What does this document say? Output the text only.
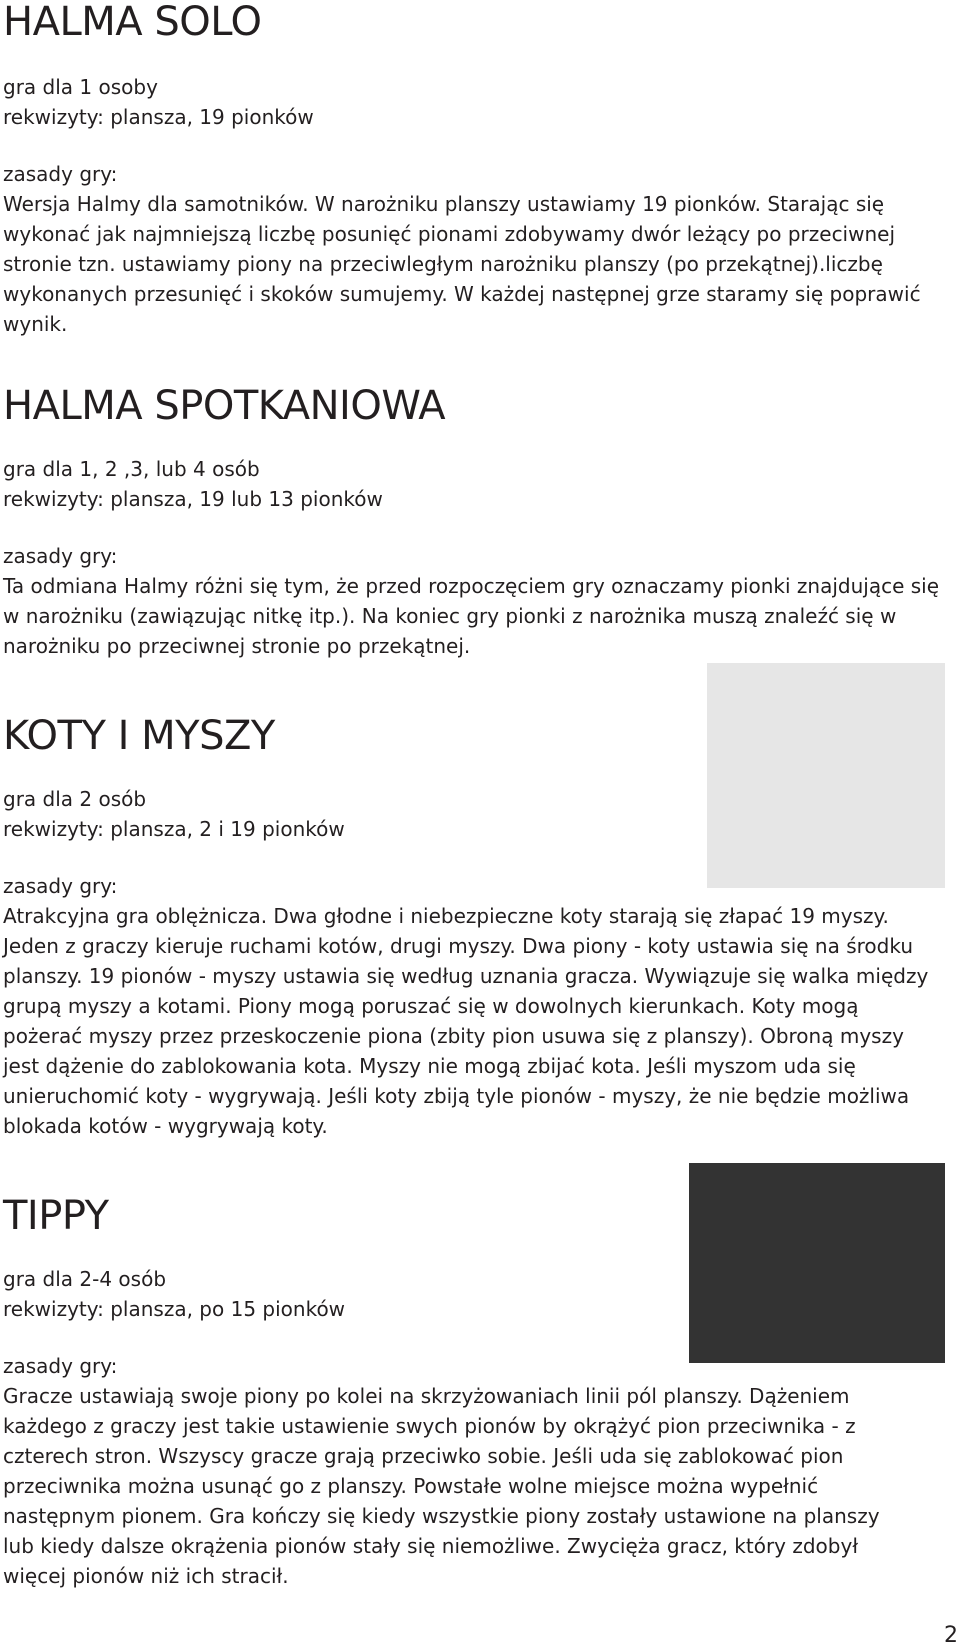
HALMA SOLO

gra dla 1 osoby

rekwizyty: plansza, 19 pionków

zasady gry:

Wersja Halmy dla samotników. W narożniku planszy ustawiamy 19 pionków. Starając się wykonać jak najmniejszą liczbę posunięć pionami zdobywamy dwór leżący po przeciwnej stronie tzn. ustawiamy piony na przeciwległym narożniku planszy (po przekątnej).liczbę wykonanych przesunięć i skoków sumujemy. W każdej następnej grze staramy się poprawić wynik.

HALMA SPOTKANIOWA

gra dla 1, 2 ,3, lub 4 osób

rekwizyty: plansza, 19 lub 13 pionków

zasady gry:

Ta odmiana Halmy różni się tym, że przed rozpoczęciem gry oznaczamy pionki znajdujące się w narożniku (zawiązując nitkę itp.). Na koniec gry pionki z narożnika muszą znaleźć się w narożniku po przeciwnej stronie po przekątnej.

KOTY I MYSZY

gra dla 2 osób

rekwizyty: plansza, 2 i 19 pionków

zasady gry:

Atrakcyjna gra oblężnicza. Dwa głodne i niebezpieczne koty starają się złapać 19 myszy. Jeden z graczy kieruje ruchami kotów, drugi myszy. Dwa piony - koty ustawia się na środku planszy. 19 pionów - myszy ustawia się według uznania gracza. Wywiązuje się walka między grupą myszy a kotami. Piony mogą poruszać się w dowolnych kierunkach. Koty mogą pożerać myszy przez przeskoczenie piona (zbity pion usuwa się z planszy). Obroną myszy jest dążenie do zablokowania kota. Myszy nie mogą zbijać kota. Jeśli myszom uda się unieruchomić koty - wygrywają. Jeśli koty zbiją tyle pionów - myszy, że nie będzie możliwa blokada kotów - wygrywają koty.

TIPPY

gra dla 2-4 osób

rekwizyty: plansza, po 15 pionków

zasady gry:

Gracze ustawiają swoje piony po kolei na skrzyżowaniach linii pól planszy. Dążeniem każdego z graczy jest takie ustawienie swych pionów by okrążyć pion przeciwnika - z czterech stron. Wszyscy gracze grają przeciwko sobie. Jeśli uda się zablokować pion przeciwnika można usunąć go z planszy. Powstałe wolne miejsce można wypełnić następnym pionem. Gra kończy się kiedy wszystkie piony zostały ustawione na planszy lub kiedy dalsze okrążenia pionów stały się niemożliwe. Zwycięża gracz, który zdobył więcej pionów niż ich stracił.

2
